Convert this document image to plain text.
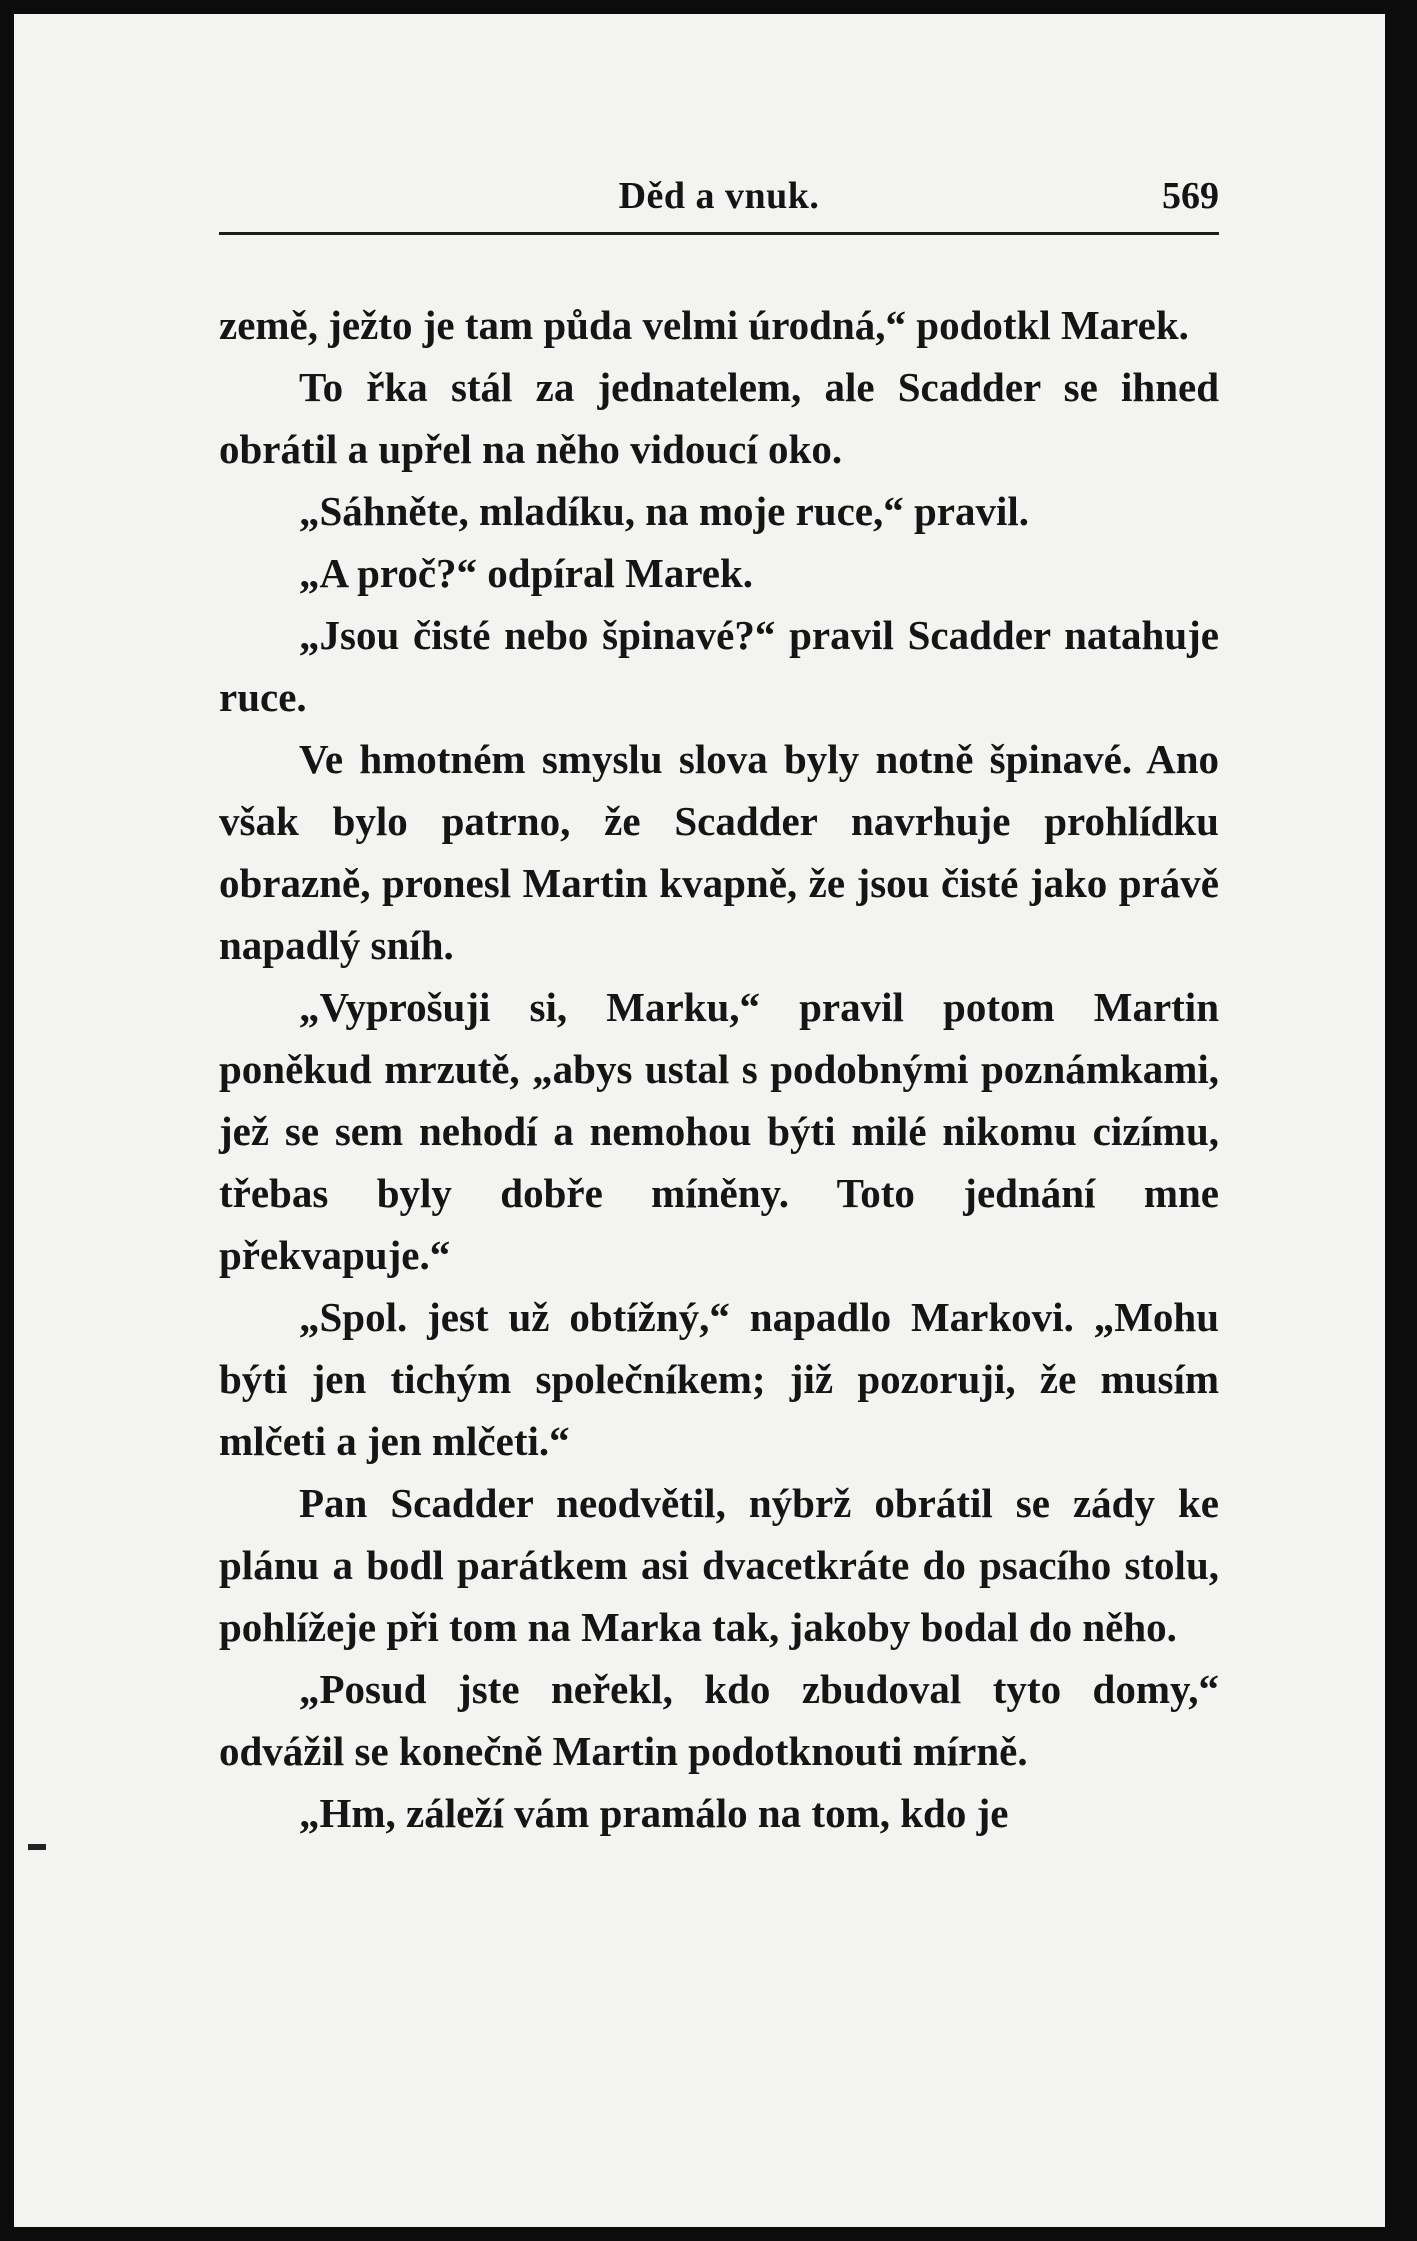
Děd a vnuk.	569

země, ježto je tam půda velmi úrodná,“ podotkl Marek.

To řka stál za jednatelem, ale Scadder se ihned obrátil a upřel na něho vidoucí oko.

„Sáhněte, mladíku, na moje ruce,“ pravil.

„A proč?“ odpíral Marek.

„Jsou čisté nebo špinavé?“ pravil Scadder natahuje ruce.

Ve hmotném smyslu slova byly notně špinavé. Ano však bylo patrno, že Scadder navrhuje prohlídku obrazně, pronesl Martin kvapně, že jsou čisté jako právě napadlý sníh.

„Vyprošuji si, Marku,“ pravil potom Martin poněkud mrzutě, „abys ustal s podobnými poznámkami, jež se sem nehodí a nemohou býti milé nikomu cizímu, třebas byly dobře míněny. Toto jednání mne překvapuje.“

„Spol. jest už obtížný,“ napadlo Markovi. „Mohu býti jen tichým společníkem; již pozoruji, že musím mlčeti a jen mlčeti.“

Pan Scadder neodvětil, nýbrž obrátil se zády ke plánu a bodl parátkem asi dvacetkráte do psacího stolu, pohlížeje při tom na Marka tak, jakoby bodal do něho.

„Posud jste neřekl, kdo zbudoval tyto domy,“ odvážil se konečně Martin podotknouti mírně.

„Hm, záleží vám pramálo na tom, kdo je
